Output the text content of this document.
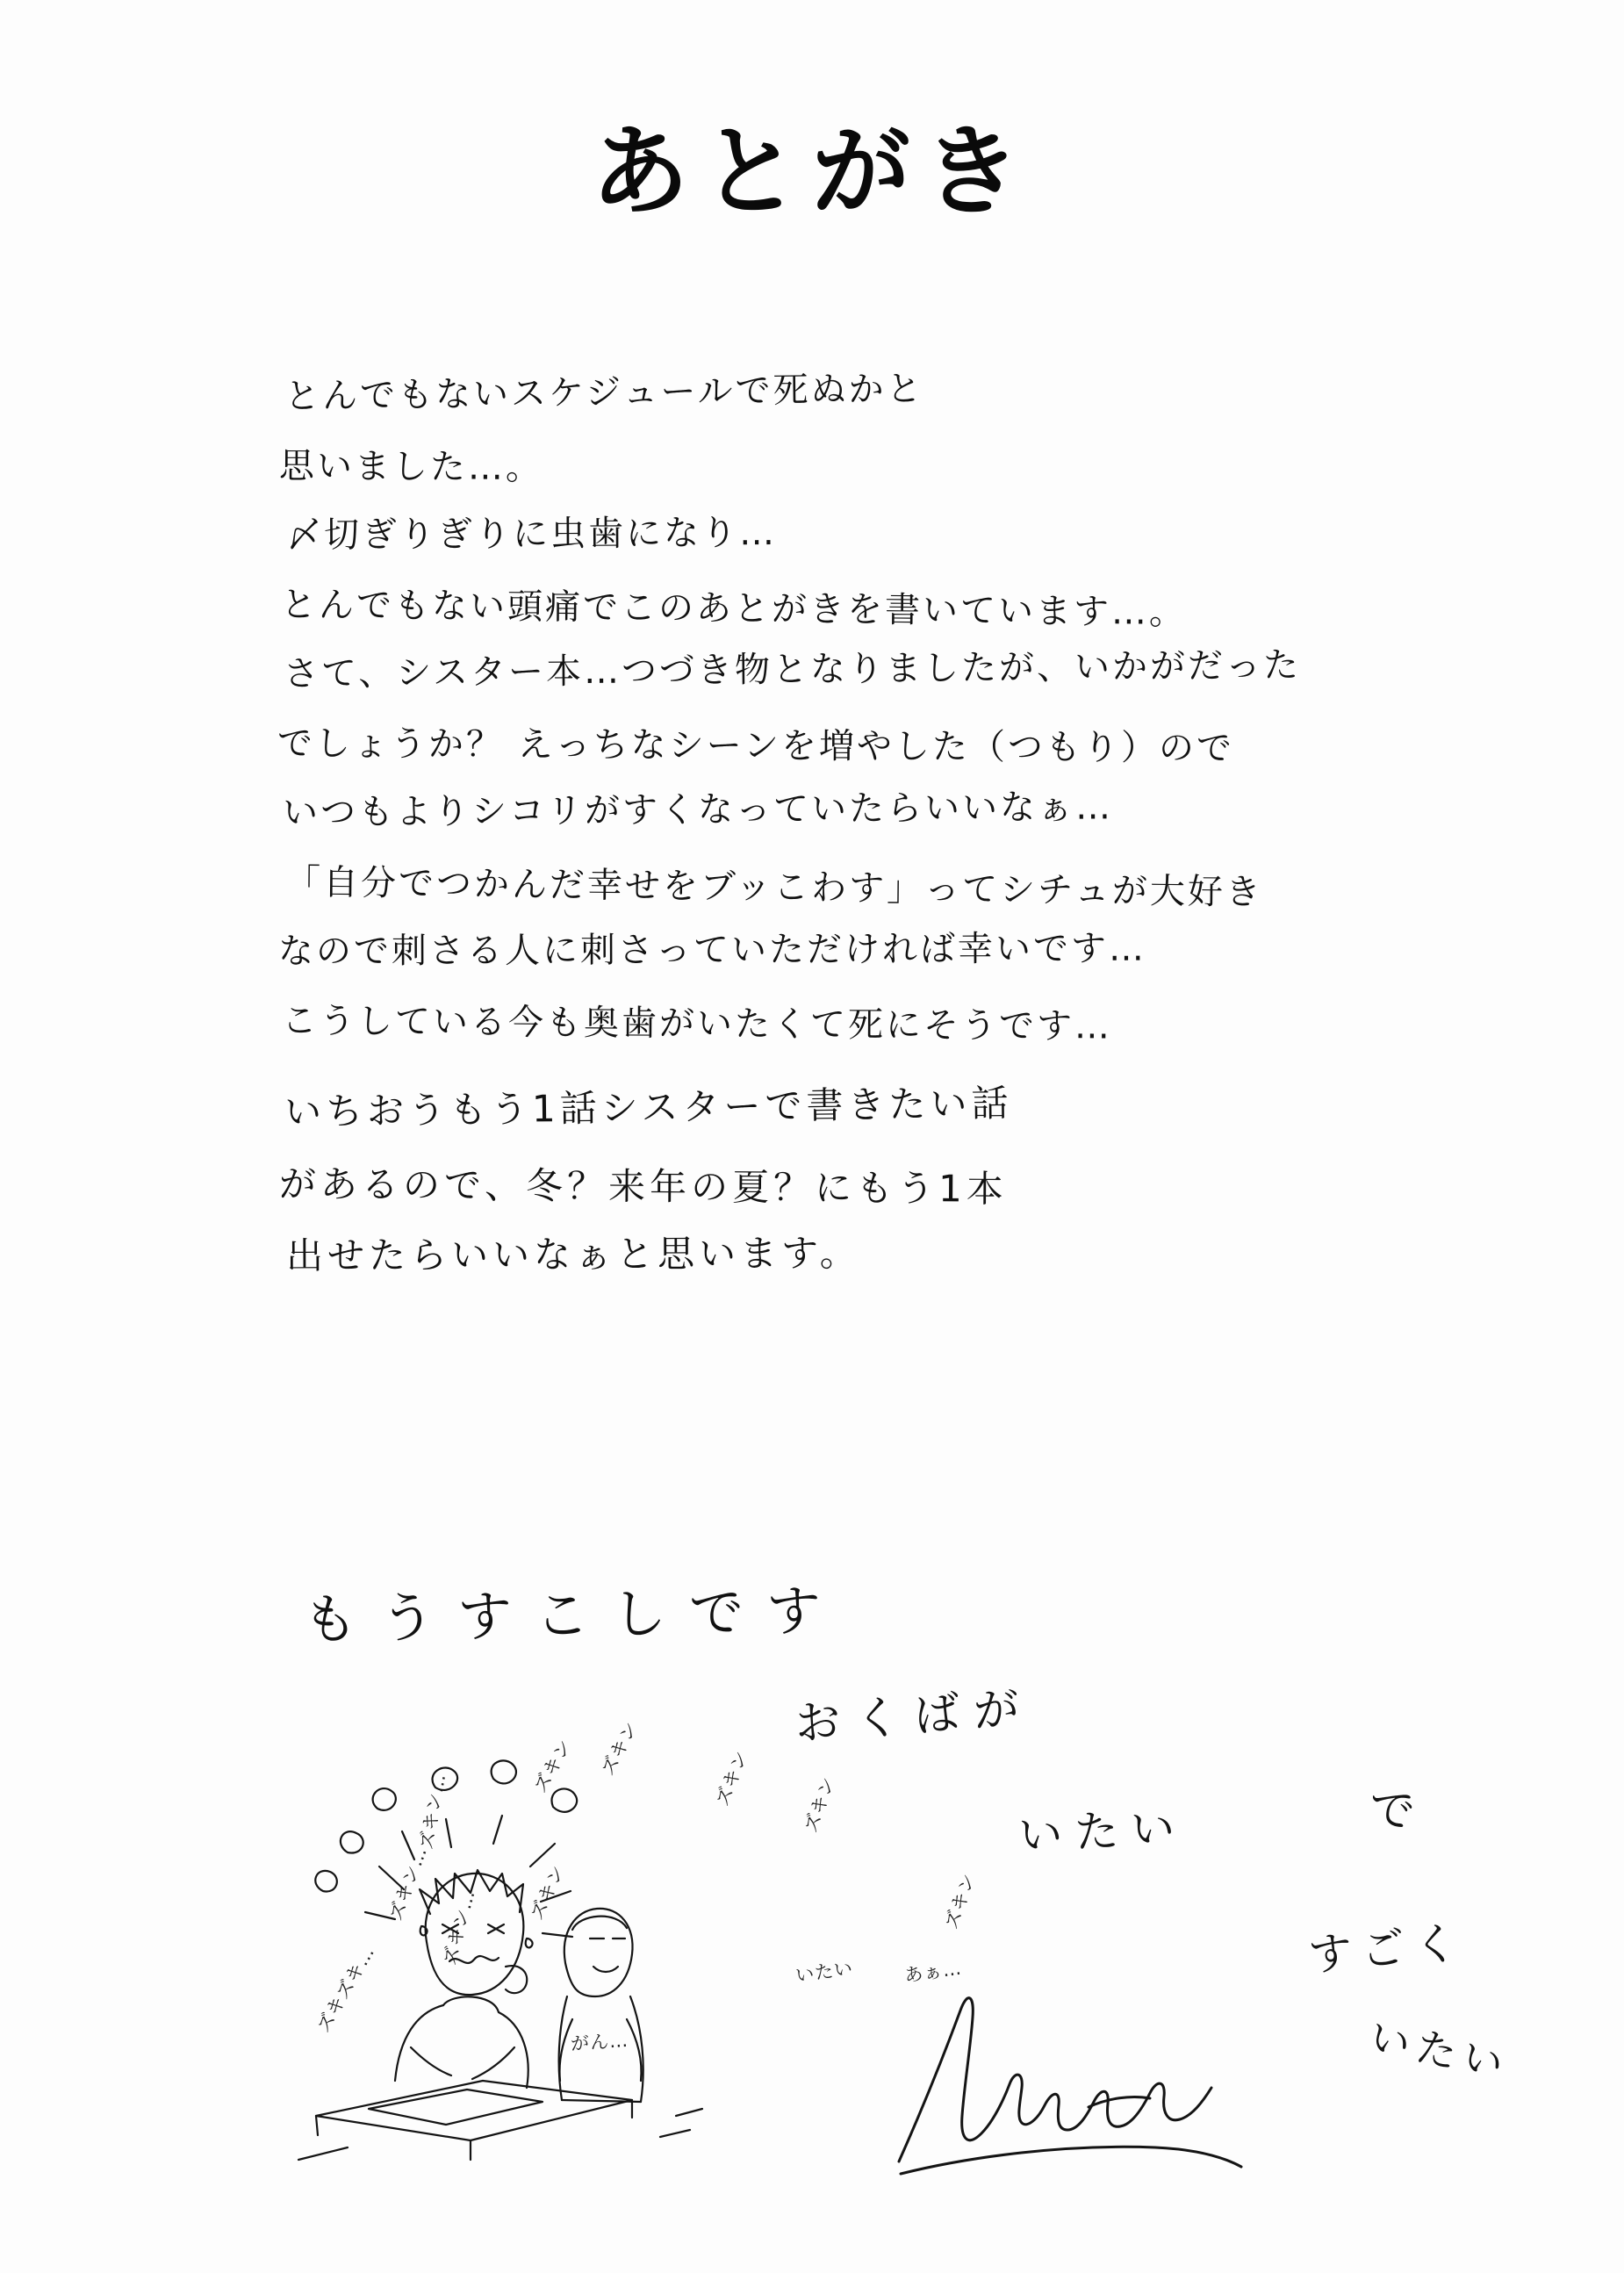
あとがき
とんでもないスケジュールで死ぬかと
思いました…。
〆切ぎりぎりに虫歯になり…
とんでもない頭痛でこのあとがきを書いています…。
さて、シスター本…つづき物となりましたが、いかがだった
でしょうか？ えっちなシーンを増やした（つもり）ので
いつもよりシコリがすくなっていたらいいなぁ…
「自分でつかんだ幸せをブッこわす」ってシチュが大好き
なので刺さる人に刺さっていただければ幸いです…
こうしている今も奥歯がいたくて死にそうです…
いちおうもう1話シスターで書きたい話
があるので、冬？来年の夏？にもう1本
出せたらいいなぁと思います。
もうすこしです
おくばが
いたい	で
すごく
いたい
ズキン…
ズキン…
ズキン…
ズキズキ…
ズキン
ズキン ズキン	ズキン	ズキン
いたい	あぁ…
がん…
ズキン
